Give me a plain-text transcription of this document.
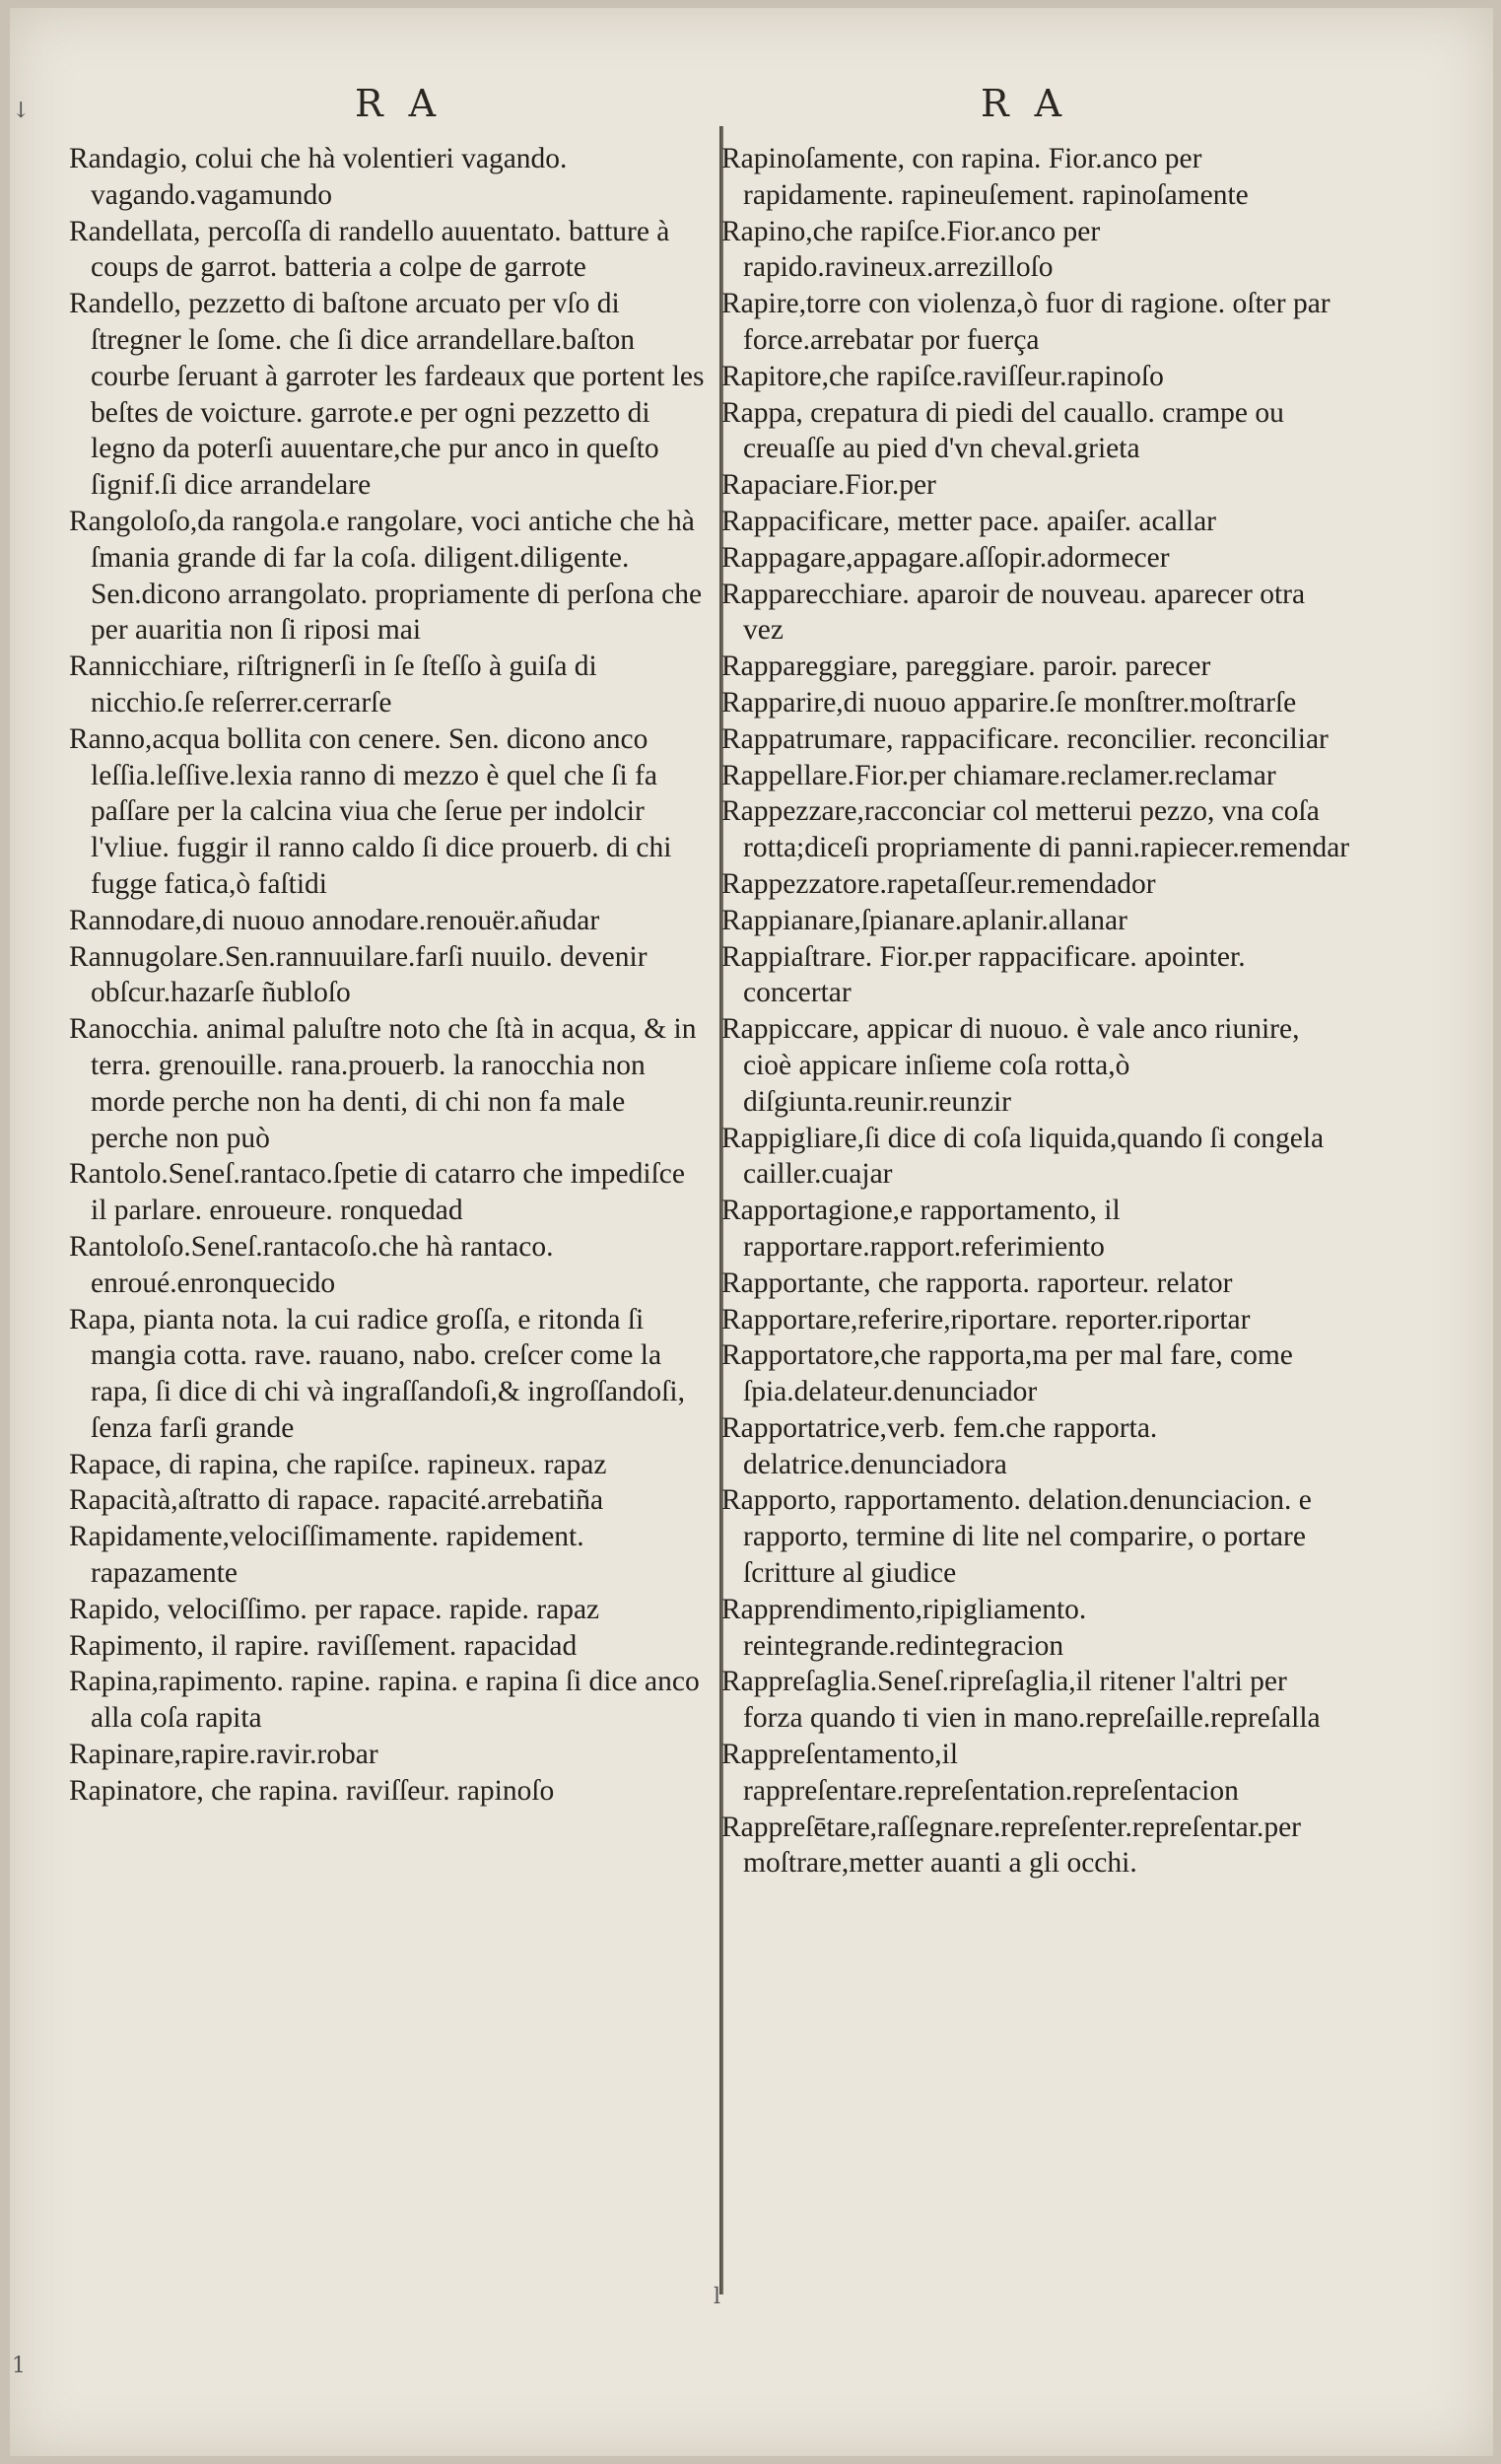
RA	RA
Randagio, colui che hà volentieri vagando. vagando.vagamundo
Randellata, percoſſa di randello auuentato. batture à coups de garrot. batteria a colpe de garrote
Randello, pezzetto di baſtone arcuato per vſo di ſtregner le ſome. che ſi dice arrandellare.baſton courbe ſeruant à garroter les fardeaux que portent les beſtes de voicture. garrote.e per ogni pezzetto di legno da poterſi auuentare,che pur anco in queſto ſignif.ſi dice arrandelare
Rangoloſo,da rangola.e rangolare, voci antiche che hà ſmania grande di far la coſa. diligent.diligente. Sen.dicono arrangolato. propriamente di perſona che per auaritia non ſi riposi mai
Rannicchiare, riſtrignerſi in ſe ſteſſo à guiſa di nicchio.ſe reſerrer.cerrarſe
Ranno,acqua bollita con cenere. Sen. dicono anco leſſia.leſſive.lexia ranno di mezzo è quel che ſi fa paſſare per la calcina viua che ſerue per indolcir l'vliue. fuggir il ranno caldo ſi dice prouerb. di chi fugge fatica,ò faſtidi
Rannodare,di nuouo annodare.renouër.añudar
Rannugolare.Sen.rannuuilare.farſi nuuilo. devenir obſcur.hazarſe ñubloſo
Ranocchia. animal paluſtre noto che ſtà in acqua, & in terra. grenouille. rana.prouerb. la ranocchia non morde perche non ha denti, di chi non fa male perche non può
Rantolo.Seneſ.rantaco.ſpetie di catarro che impediſce il parlare. enroueure. ronquedad
Rantoloſo.Seneſ.rantacoſo.che hà rantaco. enroué.enronquecido
Rapa, pianta nota. la cui radice groſſa, e ritonda ſi mangia cotta. rave. rauano, nabo. creſcer come la rapa, ſi dice di chi và ingraſſandoſi,& ingroſſandoſi, ſenza farſi grande
Rapace, di rapina, che rapiſce. rapineux. rapaz
Rapacità,aſtratto di rapace. rapacité.arrebatiña
Rapidamente,velociſſimamente. rapidement. rapazamente
Rapido, velociſſimo. per rapace. rapide. rapaz
Rapimento, il rapire. raviſſement. rapacidad
Rapina,rapimento. rapine. rapina. e rapina ſi dice anco alla coſa rapita
Rapinare,rapire.ravir.robar
Rapinatore, che rapina. raviſſeur. rapinoſo
Rapinoſamente, con rapina. Fior.anco per rapidamente. rapineuſement. rapinoſamente
Rapino,che rapiſce.Fior.anco per rapido.ravineux.arrezilloſo
Rapire,torre con violenza,ò fuor di ragione. oſter par force.arrebatar por fuerça
Rapitore,che rapiſce.raviſſeur.rapinoſo
Rappa, crepatura di piedi del cauallo. crampe ou creuaſſe au pied d'vn cheval.grieta
Rapaciare.Fior.per
Rappacificare, metter pace. apaiſer. acallar
Rappagare,appagare.aſſopir.adormecer
Rapparecchiare. aparoir de nouveau. aparecer otra vez
Rappareggiare, pareggiare. paroir. parecer
Rapparire,di nuouo apparire.ſe monſtrer.moſtrarſe
Rappatrumare, rappacificare. reconcilier. reconciliar
Rappellare.Fior.per chiamare.reclamer.reclamar
Rappezzare,racconciar col metterui pezzo, vna coſa rotta;diceſi propriamente di panni.rapiecer.remendar
Rappezzatore.rapetaſſeur.remendador
Rappianare,ſpianare.aplanir.allanar
Rappiaſtrare. Fior.per rappacificare. apointer. concertar
Rappiccare, appicar di nuouo. è vale anco riunire, cioè appicare inſieme coſa rotta,ò diſgiunta.reunir.reunzir
Rappigliare,ſi dice di coſa liquida,quando ſi congela cailler.cuajar
Rapportagione,e rapportamento, il rapportare.rapport.referimiento
Rapportante, che rapporta. raporteur. relator
Rapportare,referire,riportare. reporter.riportar
Rapportatore,che rapporta,ma per mal fare, come ſpia.delateur.denunciador
Rapportatrice,verb. fem.che rapporta. delatrice.denunciadora
Rapporto, rapportamento. delation.denunciacion. e rapporto, termine di lite nel comparire, o portare ſcritture al giudice
Rapprendimento,ripigliamento. reintegrande.redintegracion
Rappreſaglia.Seneſ.ripreſaglia,il ritener l'altri per forza quando ti vien in mano.repreſaille.repreſalla
Rappreſentamento,il rappreſentare.repreſentation.repreſentacion
Rappreſētare,raſſegnare.repreſenter.repreſentar.per moſtrare,metter auanti a gli occhi.
↓
1
l
